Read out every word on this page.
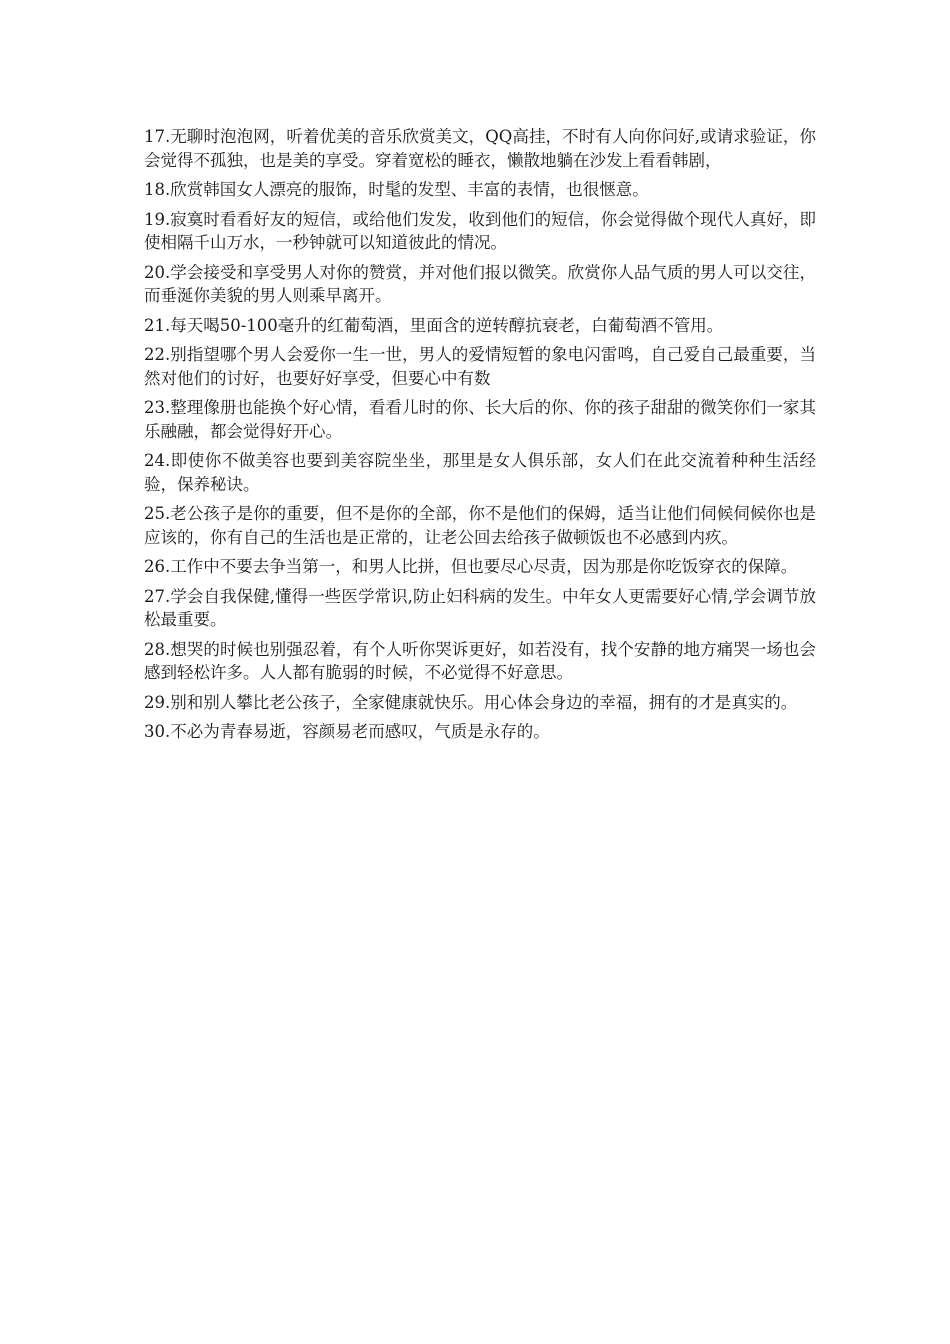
17.无聊时泡泡网，听着优美的音乐欣赏美文，QQ高挂，不时有人向你问好,或请求验证，你会觉得不孤独，也是美的享受。穿着宽松的睡衣，懒散地躺在沙发上看看韩剧，

18.欣赏韩国女人漂亮的服饰，时髦的发型、丰富的表情，也很惬意。

19.寂寞时看看好友的短信，或给他们发发，收到他们的短信，你会觉得做个现代人真好，即使相隔千山万水，一秒钟就可以知道彼此的情况。

20.学会接受和享受男人对你的赞赏，并对他们报以微笑。欣赏你人品气质的男人可以交往，而垂涎你美貌的男人则乘早离开。

21.每天喝50-100毫升的红葡萄酒，里面含的逆转醇抗衰老，白葡萄酒不管用。

22.别指望哪个男人会爱你一生一世，男人的爱情短暂的象电闪雷鸣，自己爱自己最重要，当然对他们的讨好，也要好好享受，但要心中有数

23.整理像册也能换个好心情，看看儿时的你、长大后的你、你的孩子甜甜的微笑你们一家其乐融融，都会觉得好开心。

24.即使你不做美容也要到美容院坐坐，那里是女人俱乐部，女人们在此交流着种种生活经验，保养秘诀。

25.老公孩子是你的重要，但不是你的全部，你不是他们的保姆，适当让他们伺候伺候你也是应该的，你有自己的生活也是正常的，让老公回去给孩子做顿饭也不必感到内疚。

26.工作中不要去争当第一，和男人比拼，但也要尽心尽责，因为那是你吃饭穿衣的保障。

27.学会自我保健,懂得一些医学常识,防止妇科病的发生。中年女人更需要好心情,学会调节放松最重要。

28.想哭的时候也别强忍着，有个人听你哭诉更好，如若没有，找个安静的地方痛哭一场也会感到轻松许多。人人都有脆弱的时候，不必觉得不好意思。

29.别和别人攀比老公孩子，全家健康就快乐。用心体会身边的幸福，拥有的才是真实的。

30.不必为青春易逝，容颜易老而感叹，气质是永存的。
